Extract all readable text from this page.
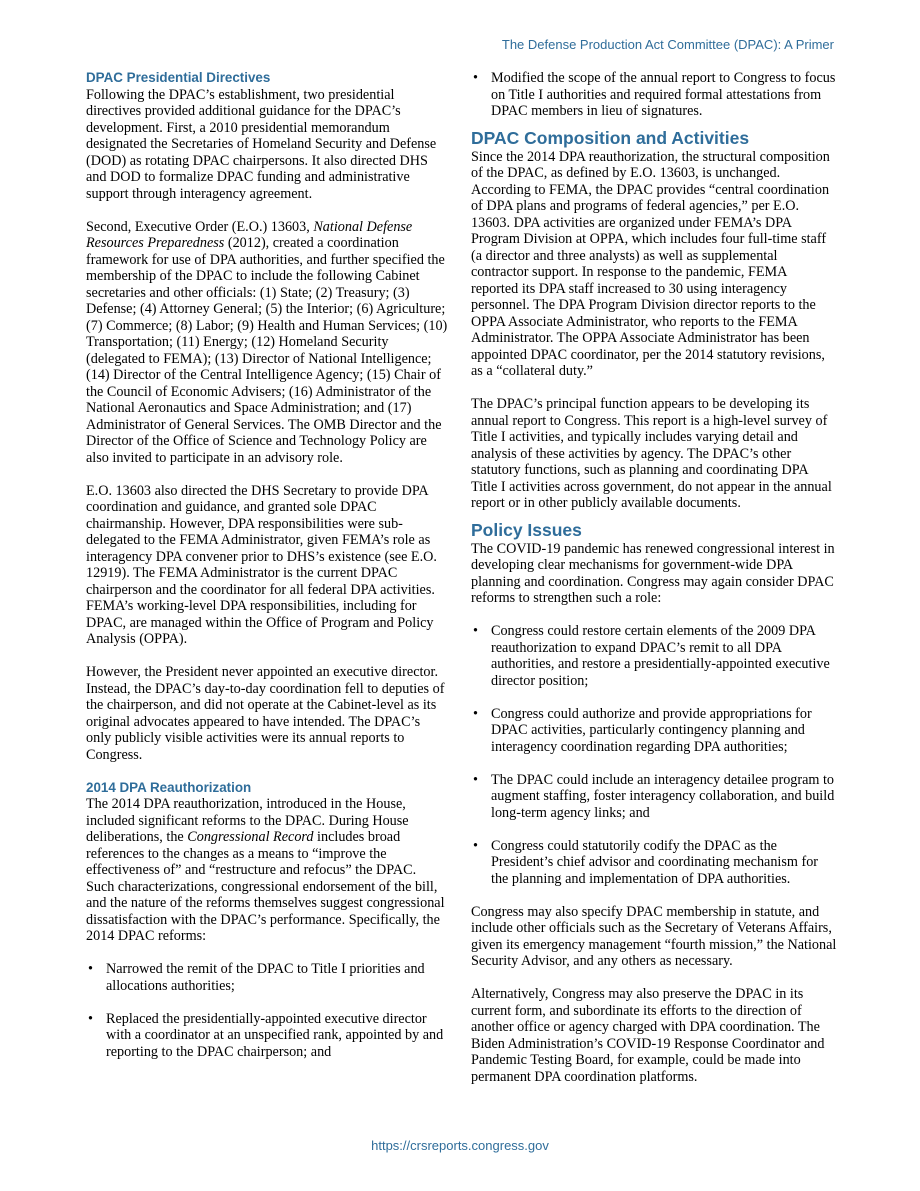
The Defense Production Act Committee (DPAC): A Primer
DPAC Presidential Directives

Following the DPAC’s establishment, two presidential directives provided additional guidance for the DPAC’s development. First, a 2010 presidential memorandum designated the Secretaries of Homeland Security and Defense (DOD) as rotating DPAC chairpersons. It also directed DHS and DOD to formalize DPAC funding and administrative support through interagency agreement.

Second, Executive Order (E.O.) 13603, National Defense Resources Preparedness (2012), created a coordination framework for use of DPA authorities, and further specified the membership of the DPAC to include the following Cabinet secretaries and other officials: (1) State; (2) Treasury; (3) Defense; (4) Attorney General; (5) the Interior; (6) Agriculture; (7) Commerce; (8) Labor; (9) Health and Human Services; (10) Transportation; (11) Energy; (12) Homeland Security (delegated to FEMA); (13) Director of National Intelligence; (14) Director of the Central Intelligence Agency; (15) Chair of the Council of Economic Advisers; (16) Administrator of the National Aeronautics and Space Administration; and (17) Administrator of General Services. The OMB Director and the Director of the Office of Science and Technology Policy are also invited to participate in an advisory role.

E.O. 13603 also directed the DHS Secretary to provide DPA coordination and guidance, and granted sole DPAC chairmanship. However, DPA responsibilities were sub-delegated to the FEMA Administrator, given FEMA’s role as interagency DPA convener prior to DHS’s existence (see E.O. 12919). The FEMA Administrator is the current DPAC chairperson and the coordinator for all federal DPA activities. FEMA’s working-level DPA responsibilities, including for DPAC, are managed within the Office of Program and Policy Analysis (OPPA).

However, the President never appointed an executive director. Instead, the DPAC’s day-to-day coordination fell to deputies of the chairperson, and did not operate at the Cabinet-level as its original advocates appeared to have intended. The DPAC’s only publicly visible activities were its annual reports to Congress.

2014 DPA Reauthorization

The 2014 DPA reauthorization, introduced in the House, included significant reforms to the DPAC. During House deliberations, the Congressional Record includes broad references to the changes as a means to “improve the effectiveness of” and “restructure and refocus” the DPAC. Such characterizations, congressional endorsement of the bill, and the nature of the reforms themselves suggest congressional dissatisfaction with the DPAC’s performance. Specifically, the 2014 DPAC reforms:

• Narrowed the remit of the DPAC to Title I priorities and allocations authorities;
• Replaced the presidentially-appointed executive director with a coordinator at an unspecified rank, appointed by and reporting to the DPAC chairperson; and
• Modified the scope of the annual report to Congress to focus on Title I authorities and required formal attestations from DPAC members in lieu of signatures.
DPAC Composition and Activities

Since the 2014 DPA reauthorization, the structural composition of the DPAC, as defined by E.O. 13603, is unchanged. According to FEMA, the DPAC provides “central coordination of DPA plans and programs of federal agencies,” per E.O. 13603. DPA activities are organized under FEMA’s DPA Program Division at OPPA, which includes four full-time staff (a director and three analysts) as well as supplemental contractor support. In response to the pandemic, FEMA reported its DPA staff increased to 30 using interagency personnel. The DPA Program Division director reports to the OPPA Associate Administrator, who reports to the FEMA Administrator. The OPPA Associate Administrator has been appointed DPAC coordinator, per the 2014 statutory revisions, as a “collateral duty.”

The DPAC’s principal function appears to be developing its annual report to Congress. This report is a high-level survey of Title I activities, and typically includes varying detail and analysis of these activities by agency. The DPAC’s other statutory functions, such as planning and coordinating DPA Title I activities across government, do not appear in the annual report or in other publicly available documents.

Policy Issues

The COVID-19 pandemic has renewed congressional interest in developing clear mechanisms for government-wide DPA planning and coordination. Congress may again consider DPAC reforms to strengthen such a role:

• Congress could restore certain elements of the 2009 DPA reauthorization to expand DPAC’s remit to all DPA authorities, and restore a presidentially-appointed executive director position;
• Congress could authorize and provide appropriations for DPAC activities, particularly contingency planning and interagency coordination regarding DPA authorities;
• The DPAC could include an interagency detailee program to augment staffing, foster interagency collaboration, and build long-term agency links; and
• Congress could statutorily codify the DPAC as the President’s chief advisor and coordinating mechanism for the planning and implementation of DPA authorities.

Congress may also specify DPAC membership in statute, and include other officials such as the Secretary of Veterans Affairs, given its emergency management “fourth mission,” the National Security Advisor, and any others as necessary.

Alternatively, Congress may also preserve the DPAC in its current form, and subordinate its efforts to the direction of another office or agency charged with DPA coordination. The Biden Administration’s COVID-19 Response Coordinator and Pandemic Testing Board, for example, could be made into permanent DPA coordination platforms.

https://crsreports.congress.gov
